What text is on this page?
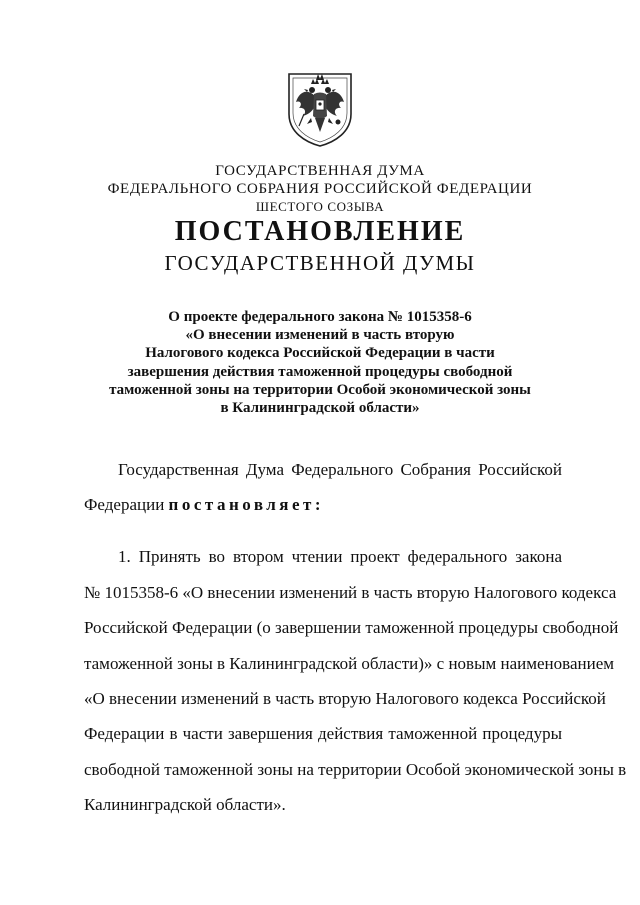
ГОСУДАРСТВЕННАЯ ДУМА
ФЕДЕРАЛЬНОГО СОБРАНИЯ РОССИЙСКОЙ ФЕДЕРАЦИИ
ШЕСТОГО СОЗЫВА
ПОСТАНОВЛЕНИЕ
ГОСУДАРСТВЕННОЙ ДУМЫ
О проекте федерального закона № 1015358-6
«О внесении изменений в часть вторую
Налогового кодекса Российской Федерации в части
завершения действия таможенной процедуры свободной
таможенной зоны на территории Особой экономической зоны
в Калининградской области»
Государственная Дума Федерального Собрания Российской
Федерации постановляет:
1. Принять во втором чтении проект федерального закона
№ 1015358-6 «О внесении изменений в часть вторую Налогового кодекса
Российской Федерации (о завершении таможенной процедуры свободной
таможенной зоны в Калининградской области)» с новым наименованием
«О внесении изменений в часть вторую Налогового кодекса Российской
Федерации в части завершения действия таможенной процедуры
свободной таможенной зоны на территории Особой экономической зоны в
Калининградской области».
